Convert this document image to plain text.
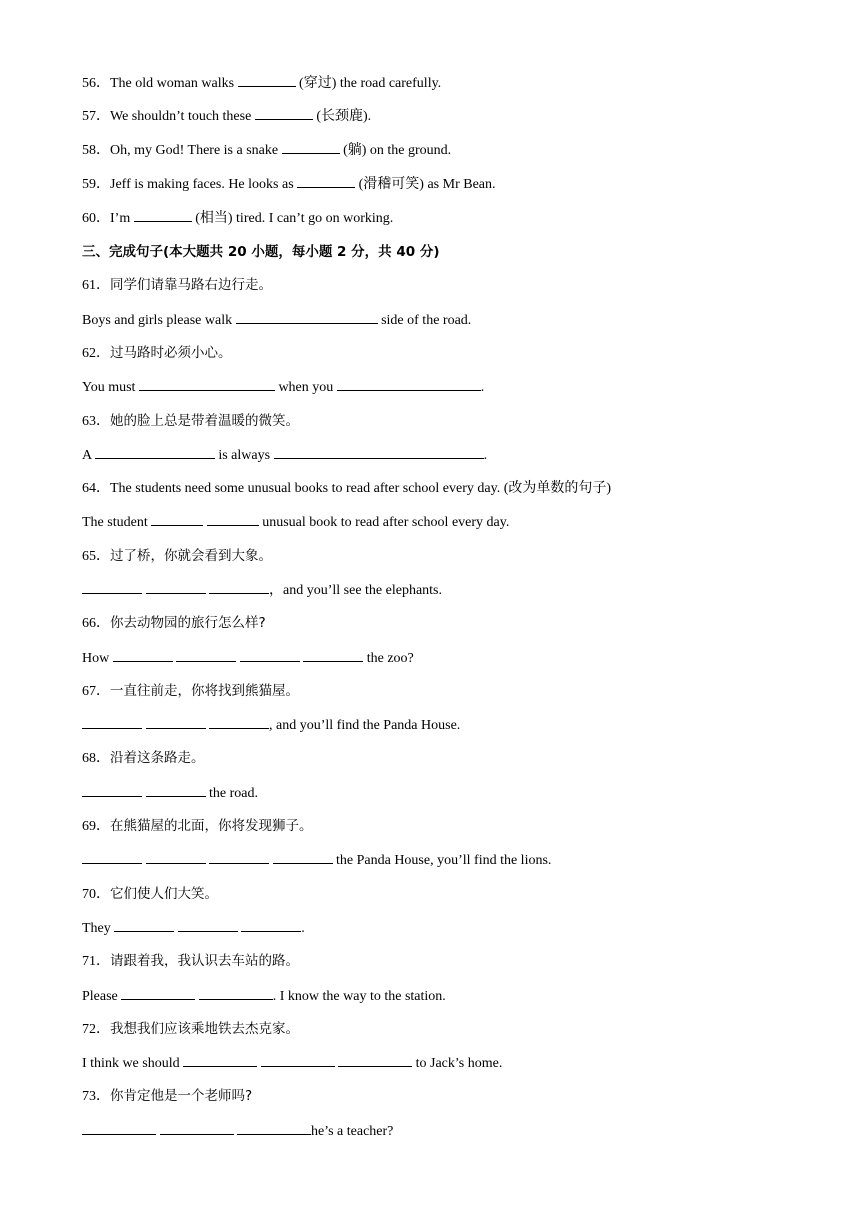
56．The old woman walks	(穿过) the road carefully.
57．We shouldn’t touch these	(长颈鹿).
58．Oh, my God! There is a snake	(躺) on the ground.
59．Jeff is making faces. He looks as	(滑稽可笑) as Mr Bean.
60．I’m	(相当) tired. I can’t go on working.
三、完成句子(本大题共 20 小题，每小题 2 分，共 40 分)
61．同学们请靠马路右边行走。
Boys and girls please walk	side of the road.
62．过马路时必须小心。
You must	when you	.
63．她的脸上总是带着温暖的微笑。
A	is always	.
64．The students need some unusual books to read after school every day. (改为单数的句子)
The student	unusual book to read after school every day.
65．过了桥，你就会看到大象。
，and you’ll see the elephants.
66．你去动物园的旅行怎么样?
How	the zoo?
67．一直往前走，你将找到熊猫屋。
, and you’ll find the Panda House.
68．沿着这条路走。
the road.
69．在熊猫屋的北面，你将发现狮子。
the Panda House, you’ll find the lions.
70．它们使人们大笑。
They	.
71．请跟着我，我认识去车站的路。
Please	. I know the way to the station.
72．我想我们应该乘地铁去杰克家。
I think we should	to Jack’s home.
73．你肯定他是一个老师吗?
he’s a teacher?
